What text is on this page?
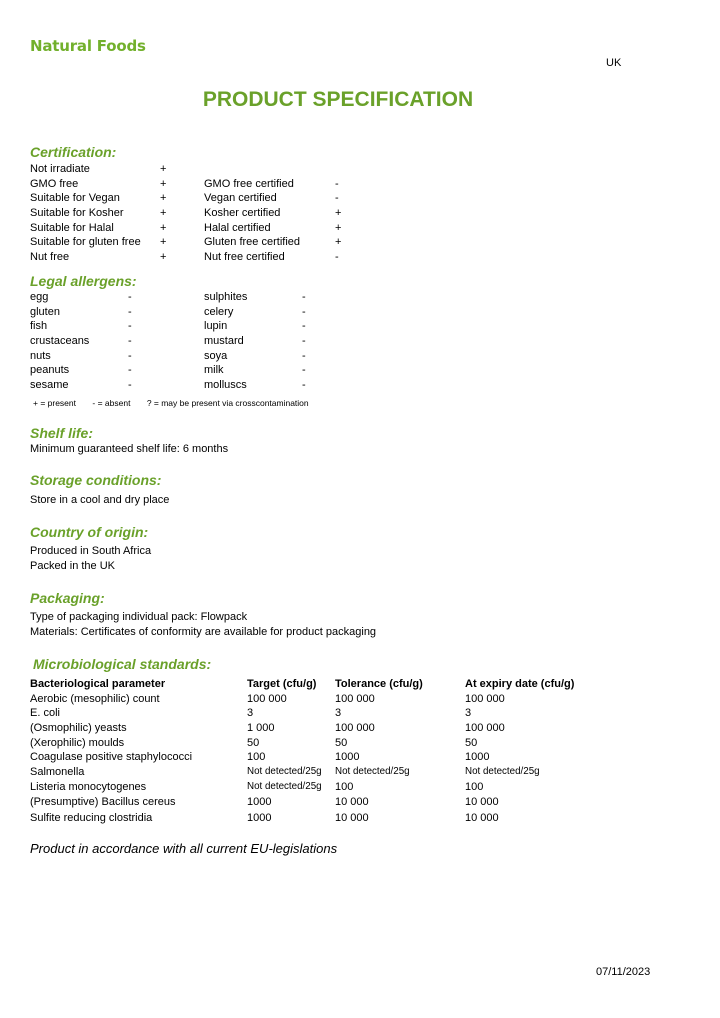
Natural Foods
UK
PRODUCT SPECIFICATION
Certification:
Not irradiate	+
GMO free	+	GMO free certified	-
Suitable for Vegan	+	Vegan certified	-
Suitable for Kosher	+	Kosher certified	+
Suitable for Halal	+	Halal certified	+
Suitable for gluten free +	Gluten free certified	+
Nut free	+	Nut free certified	-
Legal allergens:
egg	-	sulphites	-
gluten	-	celery	-
fish	-	lupin	-
crustaceans	-	mustard	-
nuts	-	soya	-
peanuts	-	milk	-
sesame	-	molluscs	-
+ = present - = absent ? = may be present via crosscontamination
Shelf life:
Minimum guaranteed shelf life: 6 months
Storage conditions:
Store in a cool and dry place
Country of origin:
Produced in South Africa
Packed in the UK
Packaging:
Type of packaging individual pack: Flowpack
Materials: Certificates of conformity are available for product packaging
Microbiological standards:
Bacteriological parameter	Target (cfu/g) Tolerance (cfu/g)	At expiry date (cfu/g)
Aerobic (mesophilic) count	100 000	100 000	100 000
E. coli	3	3	3
(Osmophilic) yeasts	1 000	100 000	100 000
(Xerophilic) moulds	50	50	50
Coagulase positive staphylococci	100	1000	1000
Salmonella	Not detected/25g Not detected/25g	Not detected/25g
Listeria monocytogenes	Not detected/25g 100	100
(Presumptive) Bacillus cereus	1000	10 000	10 000
Sulfite reducing clostridia	1000	10 000	10 000
Product in accordance with all current EU-legislations
07/11/2023
